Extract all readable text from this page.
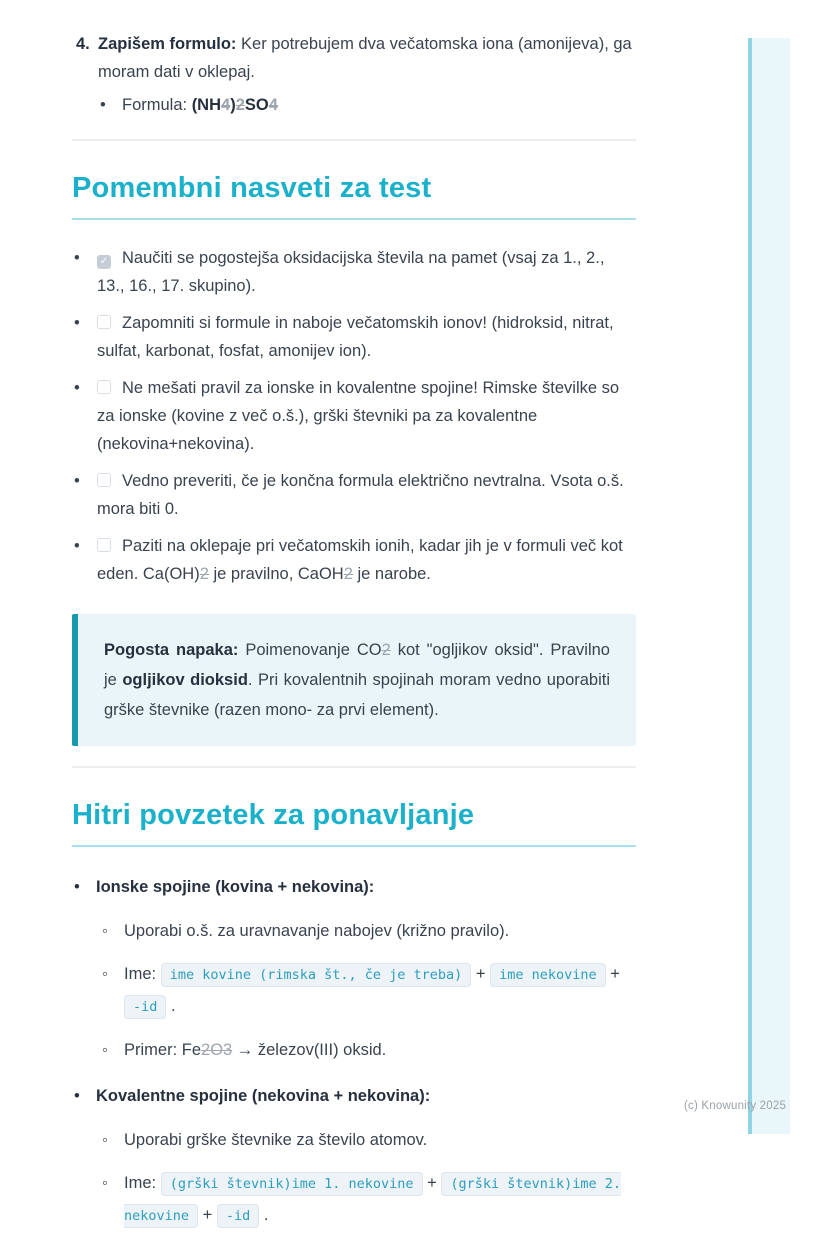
4. Zapišem formulo: Ker potrebujem dva večatomska iona (amonijeva), ga moram dati v oklepaj.
• Formula: (NH4)2SO4
Pomembni nasveti za test
✓• Naučiti se pogostejša oksidacijska števila na pamet (vsaj za 1., 2., 13., 16., 17. skupino).
• Zapomniti si formule in naboje večatomskih ionov! (hidroksid, nitrat, sulfat, karbonat, fosfat, amonijev ion).
• Ne mešati pravil za ionske in kovalentne spojine! Rimske številke so za ionske (kovine z več o.š.), grški števniki pa za kovalentne (nekovina+nekovina).
• Vedno preveriti, če je končna formula električno nevtralna. Vsota o.š. mora biti 0.
• Paziti na oklepaje pri večatomskih ionih, kadar jih je v formuli več kot eden. Ca(OH)2 je pravilno, CaOH2 je narobe.
Pogosta napaka: Poimenovanje CO2 kot "ogljikov oksid". Pravilno je ogljikov dioksid. Pri kovalentnih spojinah moram vedno uporabiti grške števnike (razen mono- za prvi element).
Hitri povzetek za ponavljanje
• Ionske spojine (kovina + nekovina):
◦ Uporabi o.š. za uravnavanje nabojev (križno pravilo).
◦ Ime: ime kovine (rimska št., če je treba) + ime nekovine + -id .
◦ Primer: Fe2O3 → železov(III) oksid.
• Kovalentne spojine (nekovina + nekovina):
◦ Uporabi grške števnike za število atomov.
◦ Ime: (grški števnik)ime 1. nekovine + (grški števnik)ime 2. nekovine + -id .
(c) Knowunity 2025
